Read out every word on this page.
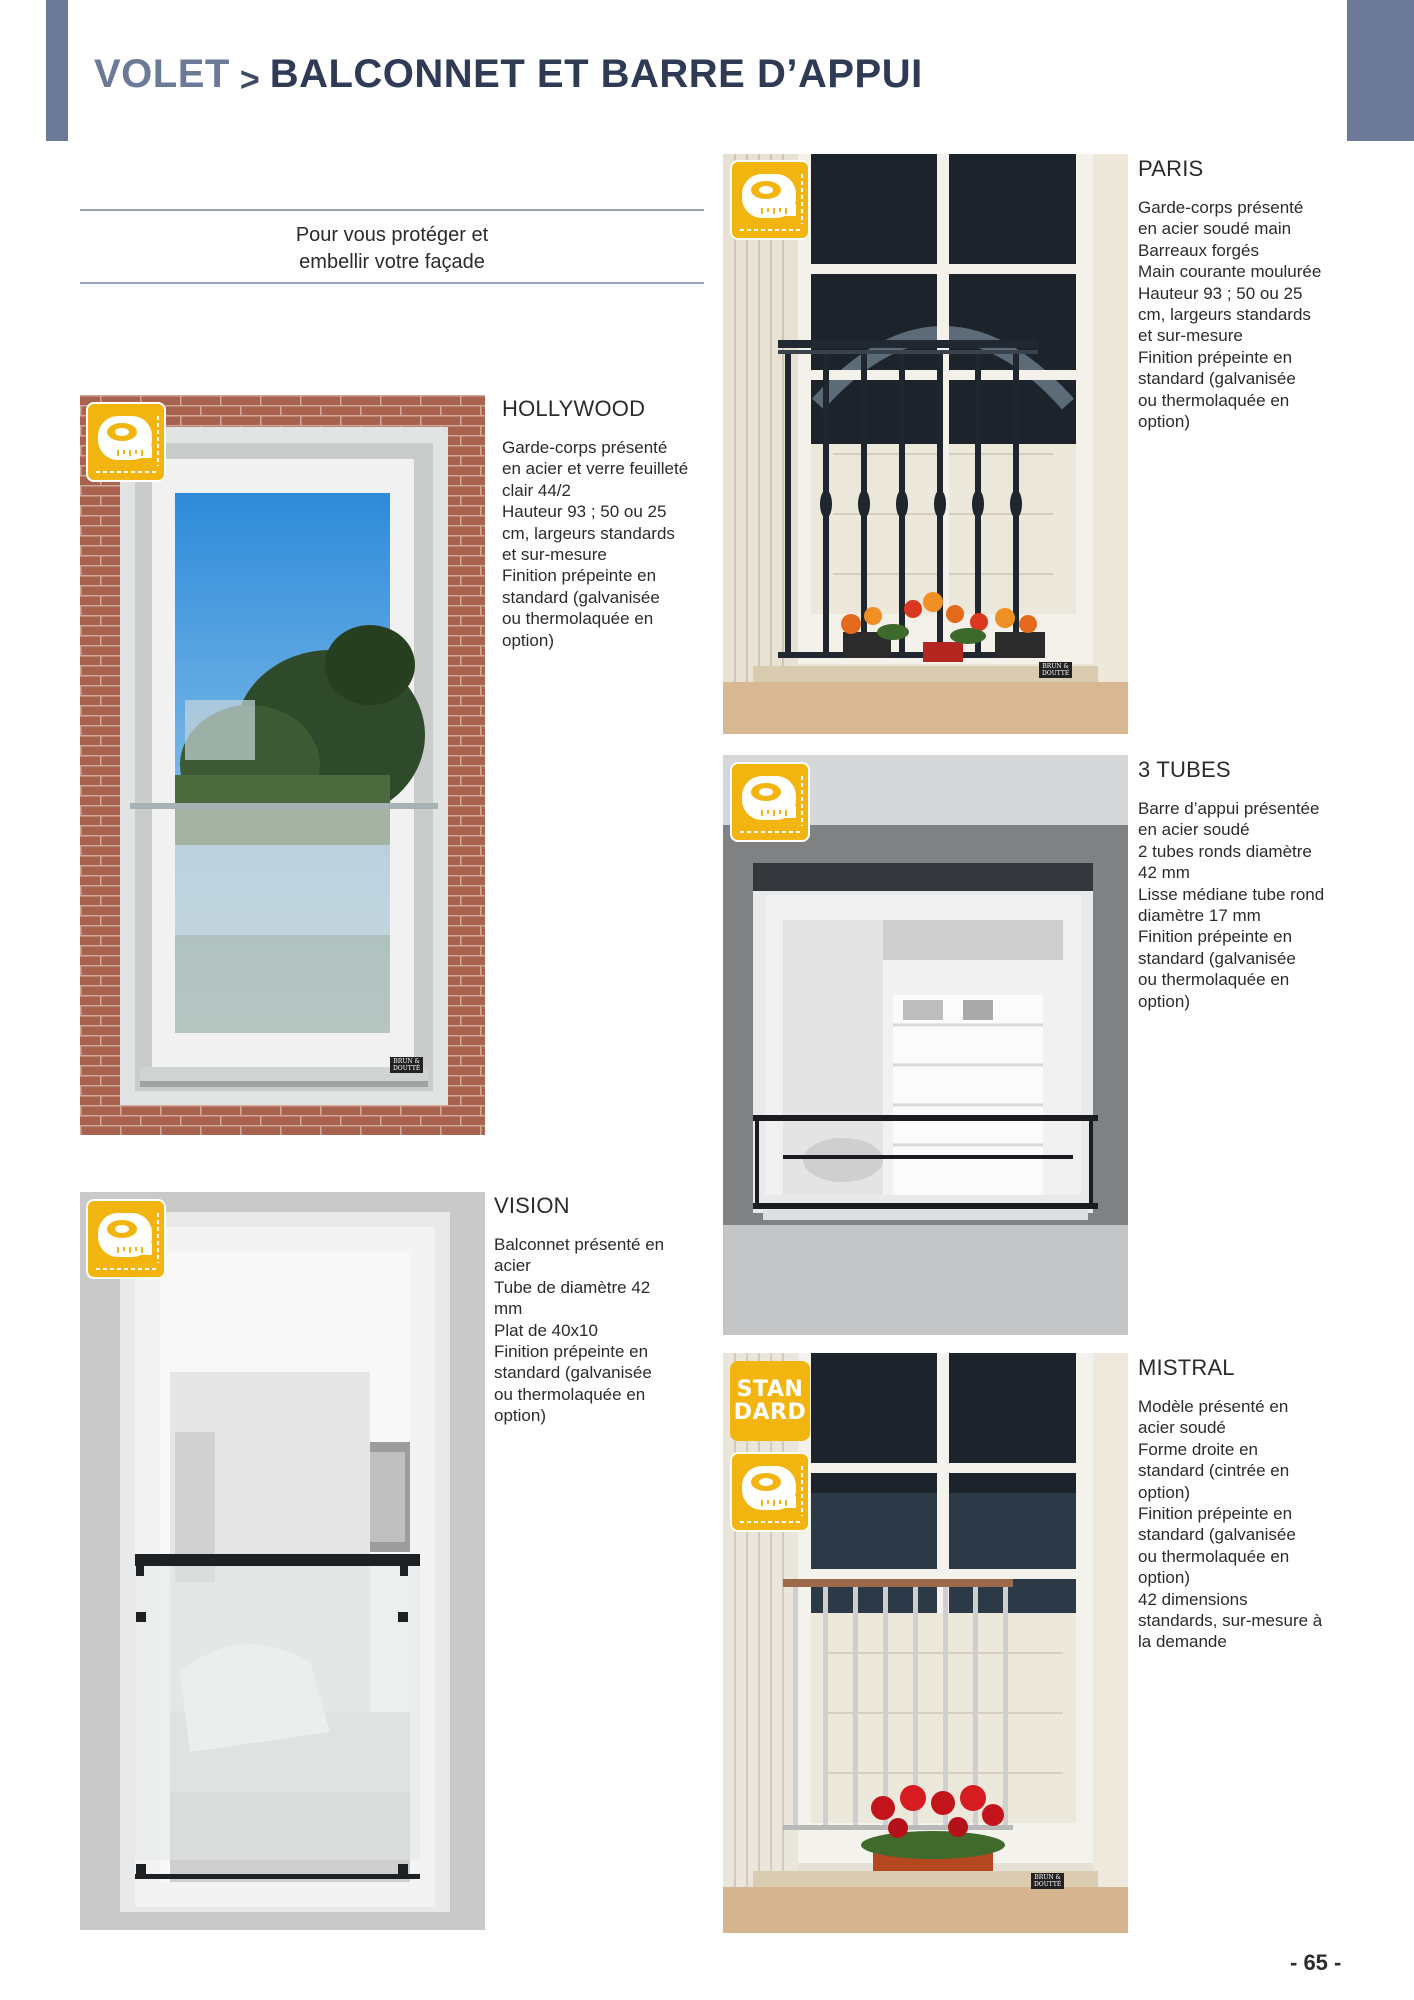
VOLET > BALCONNET ET BARRE D’APPUI

Pour vous protéger et

embellir votre façade

BRUN &
DOUTTÉ
HOLLYWOOD
Garde-corps présenté
en acier et verre feuilleté
clair 44/2
Hauteur 93 ; 50 ou 25
cm, largeurs standards
et sur-mesure
Finition prépeinte en
standard (galvanisée
ou thermolaquée en
option)
BRUN &
DOUTTÉ
PARIS
Garde-corps présenté
en acier soudé main
Barreaux forgés
Main courante moulurée
Hauteur 93 ; 50 ou 25
cm, largeurs standards
et sur-mesure
Finition prépeinte en
standard (galvanisée
ou thermolaquée en
option)
3 TUBES
Barre d’appui présentée
en acier soudé
2 tubes ronds diamètre
42 mm
Lisse médiane tube rond
diamètre 17 mm
Finition prépeinte en
standard (galvanisée
ou thermolaquée en
option)
VISION
Balconnet présenté en
acier
Tube de diamètre 42
mm
Plat de 40x10
Finition prépeinte en
standard (galvanisée
ou thermolaquée en
option)
BRUN &
DOUTTÉ
STAN
DARD
MISTRAL
Modèle présenté en
acier soudé
Forme droite en
standard (cintrée en
option)
Finition prépeinte en
standard (galvanisée
ou thermolaquée en
option)
42 dimensions
standards, sur-mesure à
la demande
- 65 -
